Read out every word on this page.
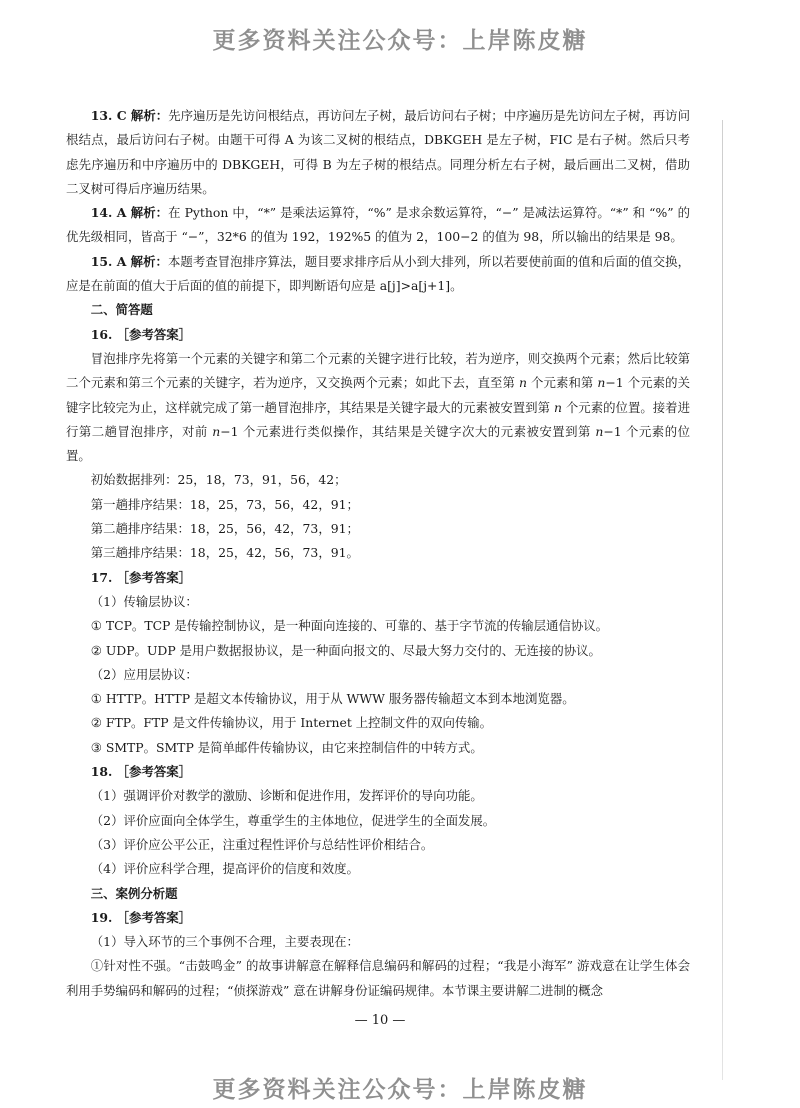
更多资料关注公众号：上岸陈皮糖

13. C 解析：先序遍历是先访问根结点，再访问左子树，最后访问右子树；中序遍历是先访问左子树，再访问根结点，最后访问右子树。由题干可得 A 为该二叉树的根结点，DBKGEH 是左子树，FIC 是右子树。然后只考虑先序遍历和中序遍历中的 DBKGEH，可得 B 为左子树的根结点。同理分析左右子树，最后画出二叉树，借助二叉树可得后序遍历结果。

14. A 解析：在 Python 中，“*” 是乘法运算符，“%” 是求余数运算符，“−” 是减法运算符。“*” 和 “%” 的优先级相同，皆高于 “−”，32*6 的值为 192，192%5 的值为 2，100−2 的值为 98，所以输出的结果是 98。

15. A 解析：本题考查冒泡排序算法，题目要求排序后从小到大排列，所以若要使前面的值和后面的值交换，应是在前面的值大于后面的值的前提下，即判断语句应是 a[j]>a[j+1]。

二、简答题

16. ［参考答案］

冒泡排序先将第一个元素的关键字和第二个元素的关键字进行比较，若为逆序，则交换两个元素；然后比较第二个元素和第三个元素的关键字，若为逆序，又交换两个元素；如此下去，直至第 n 个元素和第 n−1 个元素的关键字比较完为止，这样就完成了第一趟冒泡排序，其结果是关键字最大的元素被安置到第 n 个元素的位置。接着进行第二趟冒泡排序，对前 n−1 个元素进行类似操作，其结果是关键字次大的元素被安置到第 n−1 个元素的位置。

初始数据排列：25，18，73，91，56，42；

第一趟排序结果：18，25，73，56，42，91；

第二趟排序结果：18，25，56，42，73，91；

第三趟排序结果：18，25，42，56，73，91。

17. ［参考答案］

（1）传输层协议：

① TCP。TCP 是传输控制协议，是一种面向连接的、可靠的、基于字节流的传输层通信协议。

② UDP。UDP 是用户数据报协议，是一种面向报文的、尽最大努力交付的、无连接的协议。

（2）应用层协议：

① HTTP。HTTP 是超文本传输协议，用于从 WWW 服务器传输超文本到本地浏览器。

② FTP。FTP 是文件传输协议，用于 Internet 上控制文件的双向传输。

③ SMTP。SMTP 是简单邮件传输协议，由它来控制信件的中转方式。

18. ［参考答案］

（1）强调评价对教学的激励、诊断和促进作用，发挥评价的导向功能。

（2）评价应面向全体学生，尊重学生的主体地位，促进学生的全面发展。

（3）评价应公平公正，注重过程性评价与总结性评价相结合。

（4）评价应科学合理，提高评价的信度和效度。

三、案例分析题

19. ［参考答案］

（1）导入环节的三个事例不合理，主要表现在：

①针对性不强。“击鼓鸣金” 的故事讲解意在解释信息编码和解码的过程；“我是小海军” 游戏意在让学生体会利用手势编码和解码的过程；“侦探游戏” 意在讲解身份证编码规律。本节课主要讲解二进制的概念

— 10 —
更多资料关注公众号：上岸陈皮糖
